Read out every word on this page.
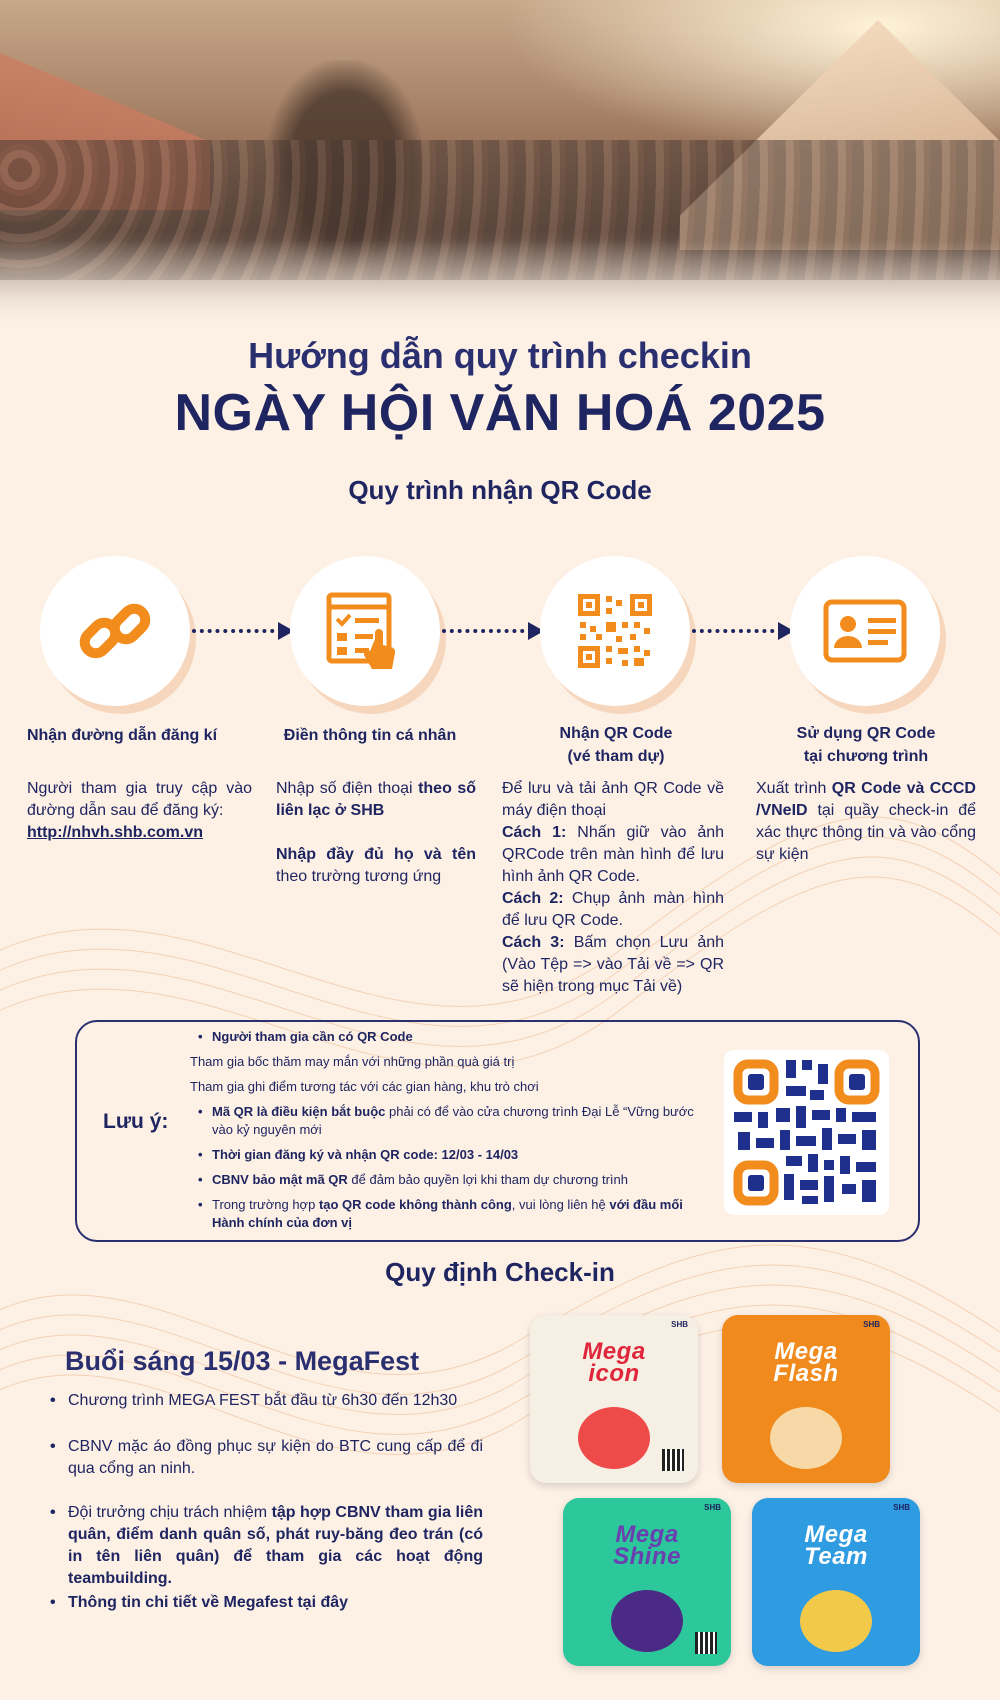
Hướng dẫn quy trình checkin
NGÀY HỘI VĂN HOÁ 2025
Quy trình nhận QR Code
Nhận đường dẫn đăng kí
Người tham gia truy cập vào đường dẫn sau để đăng ký:
http://nhvh.shb.com.vn
Điền thông tin cá nhân
Nhập số điện thoại theo số liên lạc ở SHB

Nhập đầy đủ họ và tên theo trường tương ứng
Nhận QR Code
(vé tham dự)
Để lưu và tải ảnh QR Code về máy điện thoại
Cách 1: Nhấn giữ vào ảnh QRCode trên màn hình để lưu hình ảnh QR Code.
Cách 2: Chụp ảnh màn hình để lưu QR Code.
Cách 3: Bấm chọn Lưu ảnh (Vào Tệp => vào Tải về => QR sẽ hiện trong mục Tải về)
Sử dụng QR Code
tại chương trình
Xuất trình QR Code và CCCD /VNeID tại quầy check-in để xác thực thông tin và vào cổng sự kiện
Lưu ý:
• Người tham gia cần có QR Code
Tham gia bốc thăm may mắn với những phần quà giá trị
Tham gia ghi điểm tương tác với các gian hàng, khu trò chơi
• Mã QR là điều kiện bắt buộc phải có để vào cửa chương trình Đại Lễ “Vững bước vào kỷ nguyên mới
• Thời gian đăng ký và nhận QR code: 12/03 - 14/03
• CBNV bảo mật mã QR để đảm bảo quyền lợi khi tham dự chương trình
• Trong trường hợp tạo QR code không thành công, vui lòng liên hệ với đầu mối Hành chính của đơn vị
Quy định Check-in
Buổi sáng 15/03 - MegaFest
• Chương trình MEGA FEST bắt đầu từ 6h30 đến 12h30
• CBNV mặc áo đồng phục sự kiện do BTC cung cấp để đi qua cổng an ninh.
• Đội trưởng chịu trách nhiệm tập hợp CBNV tham gia liên quân, điểm danh quân số, phát ruy-băng đeo trán (có in tên liên quân) để tham gia các hoạt động teambuilding.
• Thông tin chi tiết về Megafest tại đây
SHB
Mega
icon
SHB
Mega
Flash
SHB
Mega
Shine
SHB
Mega
Team
